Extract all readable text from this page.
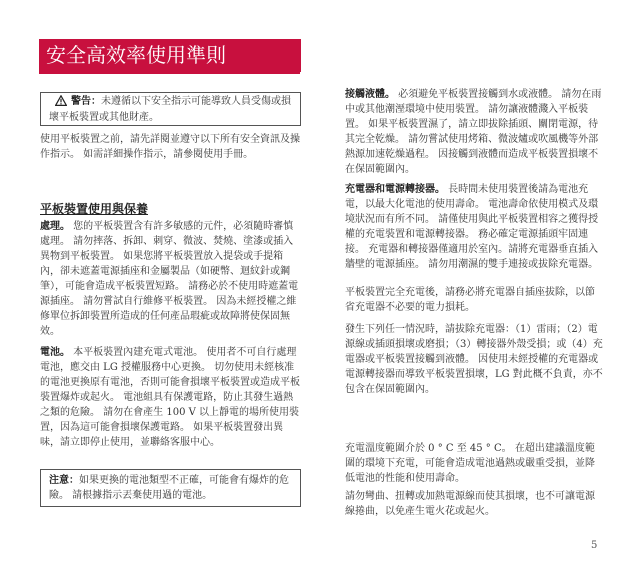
安全高效率使用準則
警告：未遵循以下安全指示可能導致人員受傷或損壞平板裝置或其他財產。

使用平板裝置之前，請先詳閱並遵守以下所有安全資訊及操作指示。 如需詳細操作指示，請參閱使用手冊。

平板裝置使用與保養

處理。 您的平板裝置含有許多敏感的元件，必須隨時審慎處理。 請勿摔落、拆卸、刺穿、微波、焚燒、塗漆或插入異物到平板裝置。 如果您將平板裝置放入提袋或手提箱內，卻未遮蓋電源插座和金屬製品（如硬幣、迴紋針或鋼筆），可能會造成平板裝置短路。 請務必於不使用時遮蓋電源插座。 請勿嘗試自行維修平板裝置。 因為未經授權之維修單位拆卸裝置所造成的任何產品瑕疵或故障將使保固無效。

電池。 本平板裝置內建充電式電池。 使用者不可自行處理電池，應交由 LG 授權服務中心更換。 切勿使用未經核准的電池更換原有電池，否則可能會損壞平板裝置或造成平板裝置爆炸或起火。 電池組具有保護電路，防止其發生過熱之類的危險。 請勿在會產生 100 V 以上靜電的場所使用裝置，因為這可能會損壞保護電路。 如果平板裝置發出異味，請立即停止使用，並聯絡客服中心。

注意：如果更換的電池類型不正確，可能會有爆炸的危險。 請根據指示丟棄使用過的電池。

接觸液體。 必須避免平板裝置接觸到水或液體。 請勿在雨中或其他潮溼環境中使用裝置。 請勿讓液體濺入平板裝置。 如果平板裝置濕了，請立即拔除插頭、關閉電源，待其完全乾燥。 請勿嘗試使用烤箱、微波爐或吹風機等外部熱源加速乾燥過程。 因接觸到液體而造成平板裝置損壞不在保固範圍內。

充電器和電源轉接器。 長時間未使用裝置後請為電池充電，以最大化電池的使用壽命。 電池壽命依使用模式及環境狀況而有所不同。 請僅使用與此平板裝置相容之獲得授權的充電裝置和電源轉接器。 務必確定電源插頭牢固連接。 充電器和轉接器僅適用於室內。請將充電器垂直插入牆壁的電源插座。 請勿用潮濕的雙手連接或拔除充電器。

平板裝置完全充電後，請務必將充電器自插座拔除，以節省充電器不必要的電力損耗。

發生下列任一情況時，請拔除充電器：（1）雷雨；（2）電源線或插頭損壞或磨損；（3）轉接器外殼受損；或（4）充電器或平板裝置接觸到液體。 因使用未經授權的充電器或電源轉接器而導致平板裝置損壞，LG 對此概不負責，亦不包含在保固範圍內。

充電溫度範圍介於 0 ° C 至 45 ° C。 在超出建議溫度範圍的環境下充電，可能會造成電池過熱或嚴重受損，並降低電池的性能和使用壽命。

請勿彎曲、扭轉或加熱電源線而使其損壞，也不可讓電源線捲曲，以免產生電火花或起火。

5
